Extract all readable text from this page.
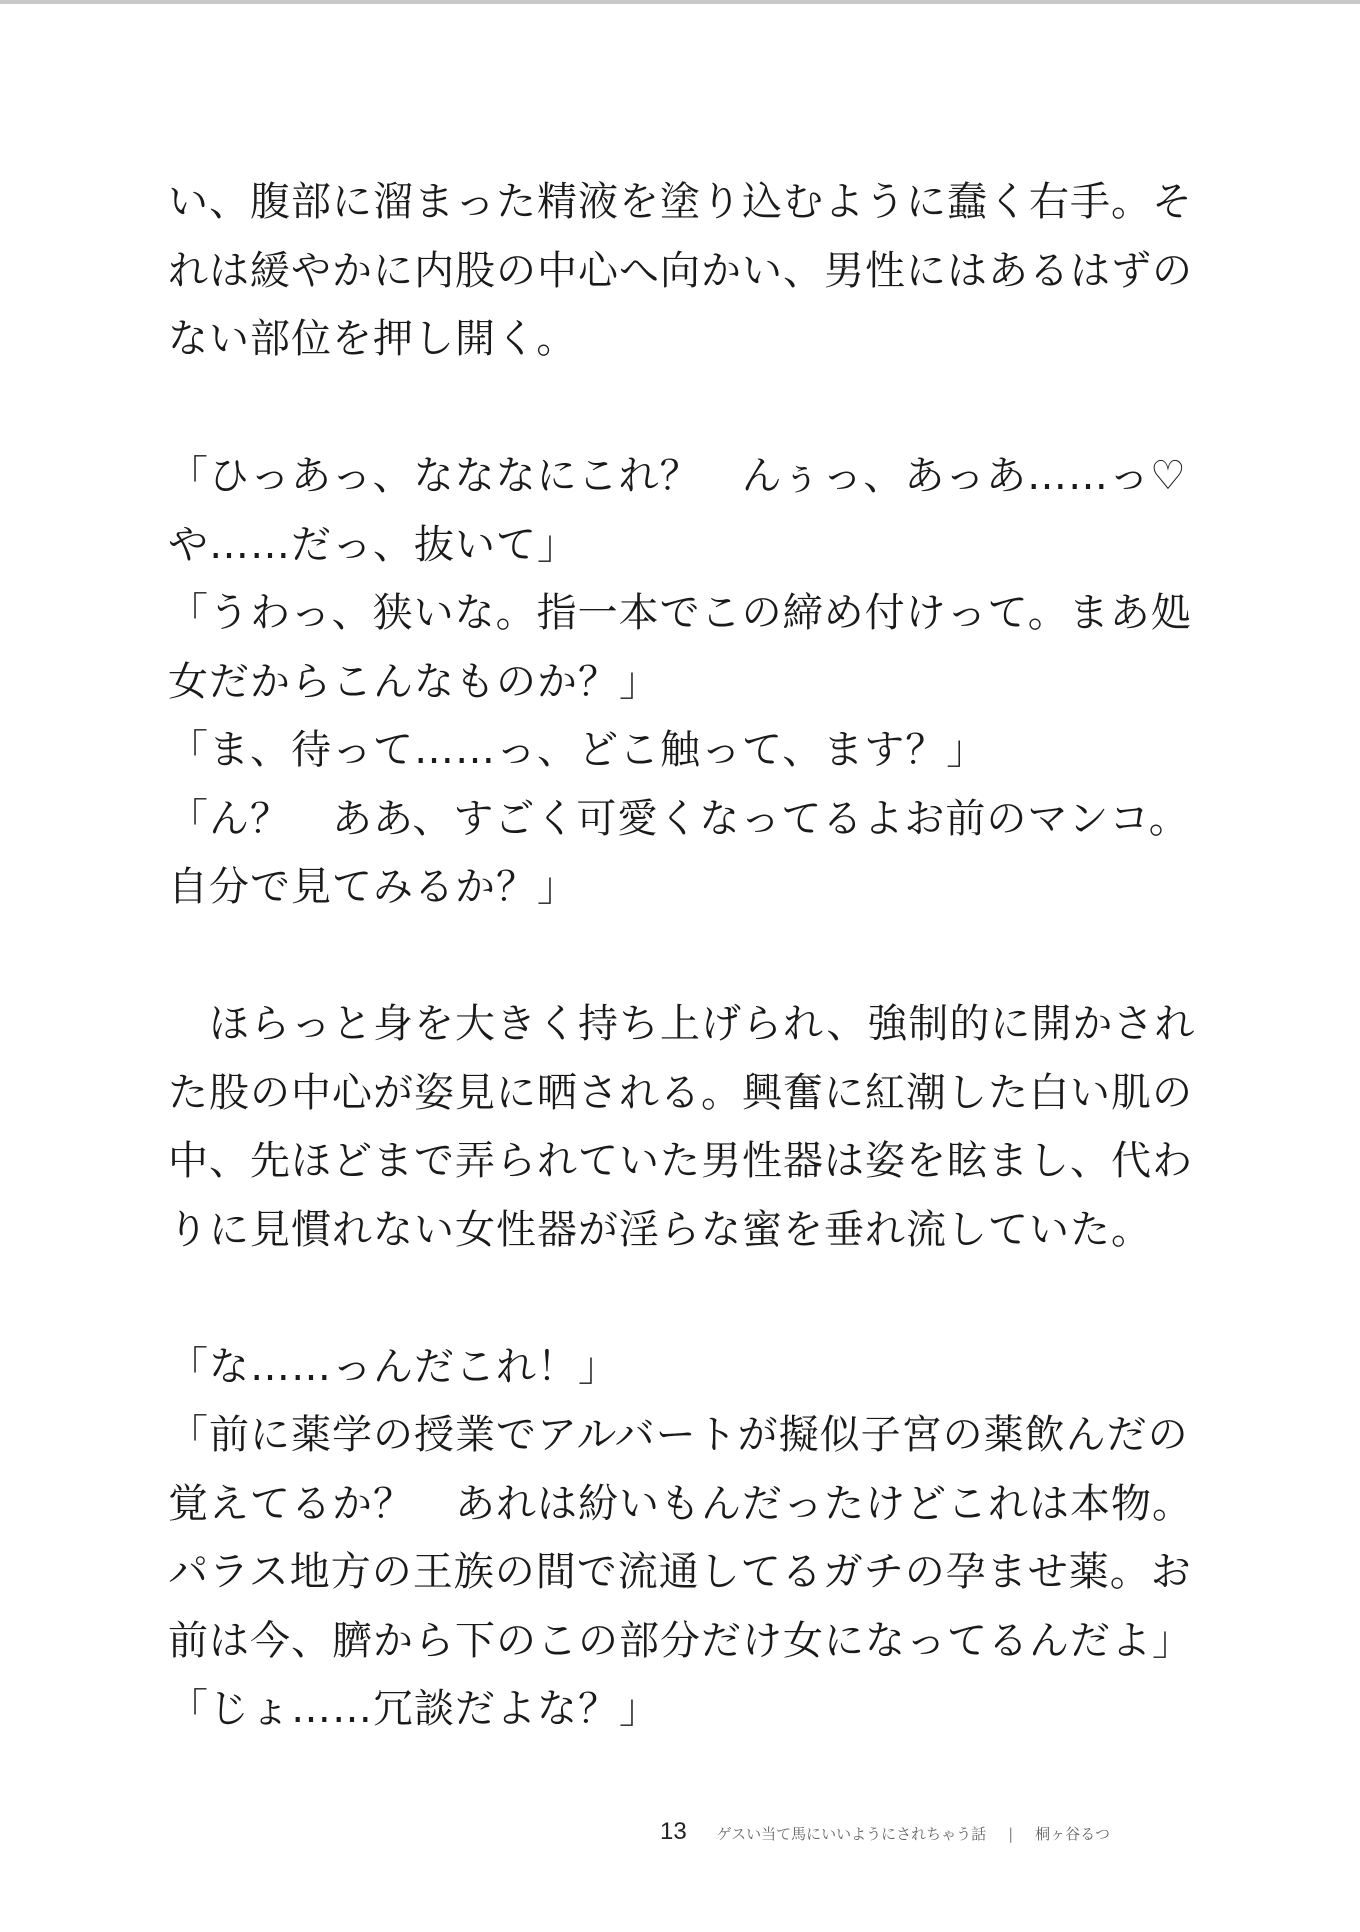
い、腹部に溜まった精液を塗り込むように蠢く右手。そ
れは緩やかに内股の中心へ向かい、男性にはあるはずの
ない部位を押し開く。
「ひっあっ、なななにこれ？　んぅっ、あっあ……っ♡
や……だっ、抜いて」
「うわっ、狭いな。指一本でこの締め付けって。まあ処
女だからこんなものか？」
「ま、待って……っ、どこ触って、ます？」
「ん？　ああ、すごく可愛くなってるよお前のマンコ。
自分で見てみるか？」
　ほらっと身を大きく持ち上げられ、強制的に開かされ
た股の中心が姿見に晒される。興奮に紅潮した白い肌の
中、先ほどまで弄られていた男性器は姿を眩まし、代わ
りに見慣れない女性器が淫らな蜜を垂れ流していた。
「な……っんだこれ！」
「前に薬学の授業でアルバートが擬似子宮の薬飲んだの
覚えてるか？　あれは紛いもんだったけどこれは本物。
パラス地方の王族の間で流通してるガチの孕ませ薬。お
前は今、臍から下のこの部分だけ女になってるんだよ」
「じょ……冗談だよな？」
13 ゲスい当て馬にいいようにされちゃう話 | 桐ヶ谷るつ
